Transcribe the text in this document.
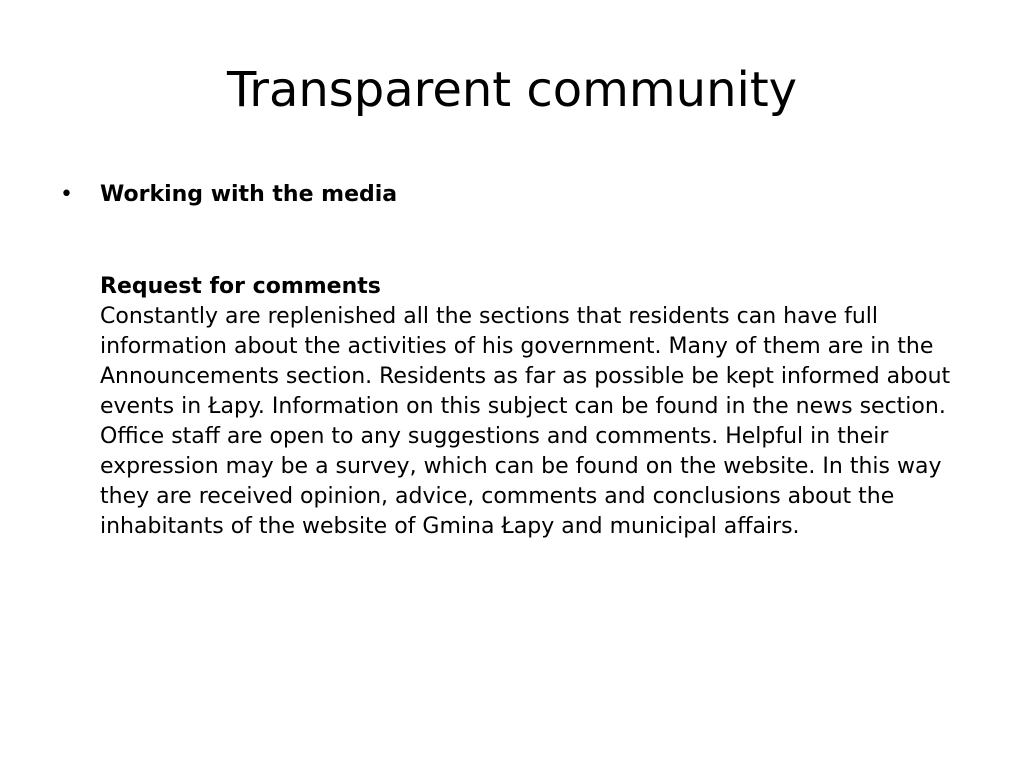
Transparent community
• Working with the media
Request for comments
Constantly are replenished all the sections that residents can have full information about the activities of his government. Many of them are in the Announcements section. Residents as far as possible be kept informed about events in Łapy. Information on this subject can be found in the news section.
Office staff are open to any suggestions and comments. Helpful in their expression may be a survey, which can be found on the website. In this way they are received opinion, advice, comments and conclusions about the inhabitants of the website of Gmina Łapy and municipal affairs.
